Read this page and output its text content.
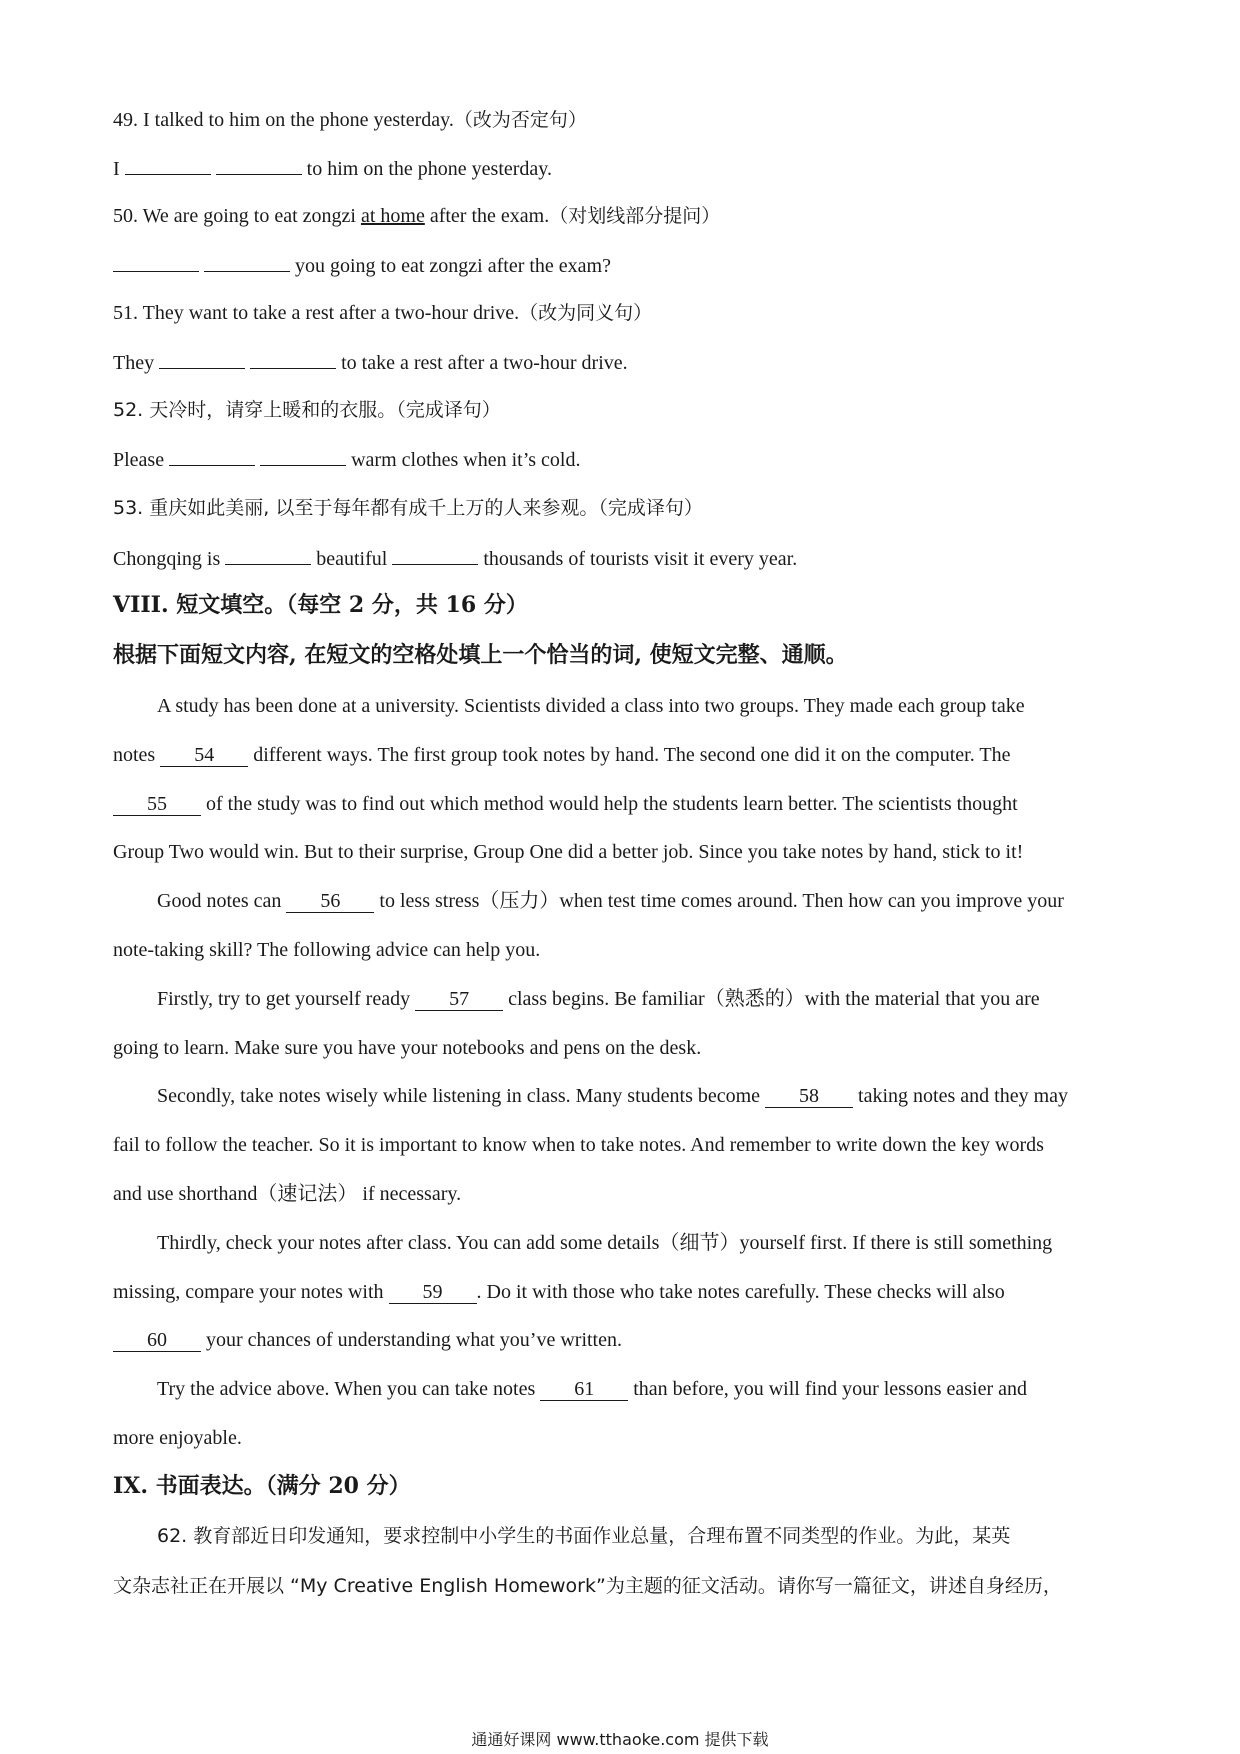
49. I talked to him on the phone yesterday.（改为否定句）
I	to him on the phone yesterday.
50. We are going to eat zongzi at home after the exam.（对划线部分提问）
you going to eat zongzi after the exam?
51. They want to take a rest after a two-hour drive.（改为同义句）
They	to take a rest after a two-hour drive.
52. 天冷时，请穿上暖和的衣服。（完成译句）
Please	warm clothes when it’s cold.
53. 重庆如此美丽, 以至于每年都有成千上万的人来参观。（完成译句）
Chongqing is	beautiful	thousands of tourists visit it every year.
VIII. 短文填空。（每空 2 分，共 16 分）
根据下面短文内容, 在短文的空格处填上一个恰当的词, 使短文完整、通顺。
A study has been done at a university. Scientists divided a class into two groups. They made each group take
notes 54 different ways. The first group took notes by hand. The second one did it on the computer. The
55 of the study was to find out which method would help the students learn better. The scientists thought
Group Two would win. But to their surprise, Group One did a better job. Since you take notes by hand, stick to it!
Good notes can 56 to less stress（压力）when test time comes around. Then how can you improve your
note-taking skill? The following advice can help you.
Firstly, try to get yourself ready 57 class begins. Be familiar（熟悉的）with the material that you are
going to learn. Make sure you have your notebooks and pens on the desk.
Secondly, take notes wisely while listening in class. Many students become 58 taking notes and they may
fail to follow the teacher. So it is important to know when to take notes. And remember to write down the key words
and use shorthand（速记法） if necessary.
Thirdly, check your notes after class. You can add some details（细节）yourself first. If there is still something
missing, compare your notes with 59 . Do it with those who take notes carefully. These checks will also
60 your chances of understanding what you’ve written.
Try the advice above. When you can take notes 61 than before, you will find your lessons easier and
more enjoyable.
IX. 书面表达。（满分 20 分）
62. 教育部近日印发通知，要求控制中小学生的书面作业总量，合理布置不同类型的作业。为此，某英
文杂志社正在开展以 “My Creative English Homework”为主题的征文活动。请你写一篇征文，讲述自身经历，
通通好课网 www.tthaoke.com 提供下载
